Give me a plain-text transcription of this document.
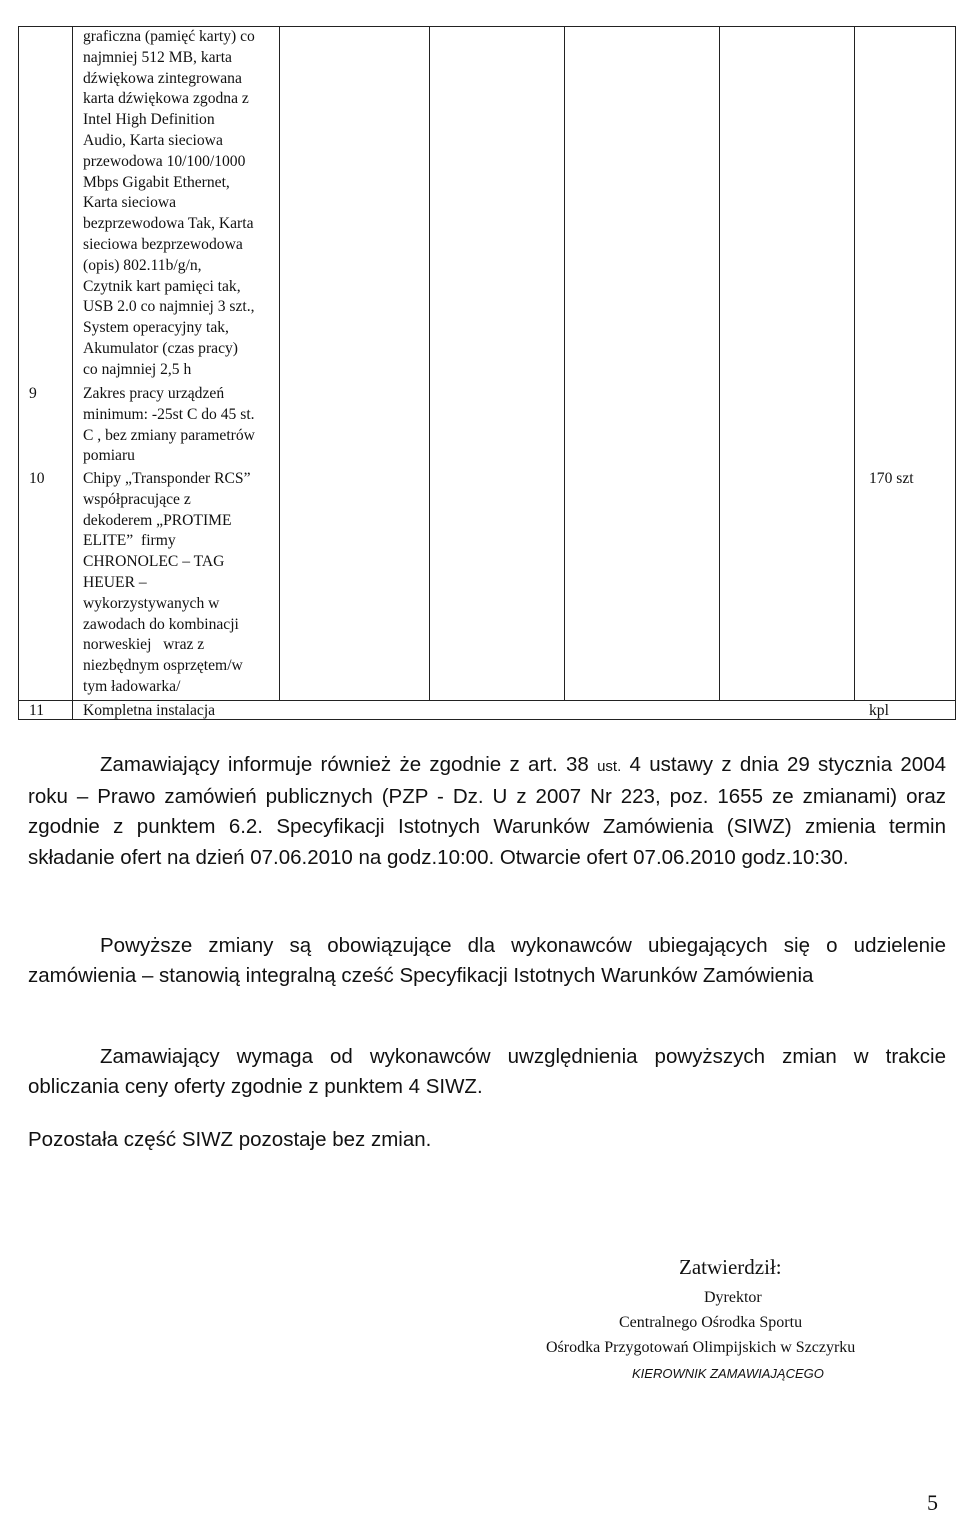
graficzna (pamięć karty) co
najmniej 512 MB, karta
dźwiękowa zintegrowana
karta dźwiękowa zgodna z
Intel High Definition
Audio, Karta sieciowa
przewodowa 10/100/1000
Mbps Gigabit Ethernet,
Karta sieciowa
bezprzewodowa Tak, Karta
sieciowa bezprzewodowa
(opis) 802.11b/g/n,
Czytnik kart pamięci tak,
USB 2.0 co najmniej 3 szt.,
System operacyjny tak,
Akumulator (czas pracy)
co najmniej 2,5 h
9	Zakres pracy urządzeń
minimum: -25st C do 45 st.
C , bez zmiany parametrów
pomiaru
10 Chipy „Transponder RCS”
współpracujące z
dekoderem „PROTIME
ELITE”  firmy
CHRONOLEC – TAG
HEUER –
wykorzystywanych w
zawodach do kombinacji
norweskiej   wraz z
niezbędnym osprzętem/w
tym ładowarka/
170 szt
11 Kompletna instalacja	kpl
Zamawiający informuje również że zgodnie z art. 38 ust. 4 ustawy z dnia 29 stycznia 2004 roku – Prawo zamówień publicznych (PZP - Dz. U z 2007 Nr 223, poz. 1655 ze zmianami) oraz zgodnie z punktem 6.2. Specyfikacji Istotnych Warunków Zamówienia (SIWZ) zmienia termin składanie ofert na dzień 07.06.2010 na godz.10:00. Otwarcie ofert 07.06.2010 godz.10:30.
Powyższe zmiany są obowiązujące dla wykonawców ubiegających się o udzielenie zamówienia – stanowią integralną cześć Specyfikacji Istotnych Warunków Zamówienia
Zamawiający wymaga od wykonawców uwzględnienia powyższych zmian w trakcie obliczania ceny oferty zgodnie z punktem 4 SIWZ.
Pozostała część SIWZ pozostaje bez zmian.
Zatwierdził:
Dyrektor
Centralnego Ośrodka Sportu
Ośrodka Przygotowań Olimpijskich w Szczyrku
KIEROWNIK ZAMAWIAJĄCEGO
5
